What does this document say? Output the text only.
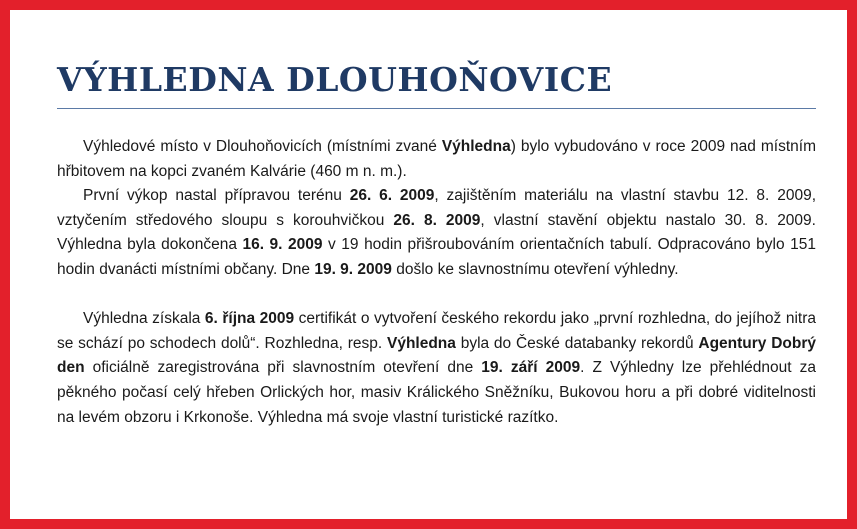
VÝHLEDNA DLOUHOŇOVICE

Výhledové místo v Dlouhoňovicích (místními zvané Výhledna) bylo vybudováno v roce 2009 nad místním hřbitovem na kopci zvaném Kalvárie (460 m n. m.).

První výkop nastal přípravou terénu 26. 6. 2009, zajištěním materiálu na vlastní stavbu 12. 8. 2009, vztyčením středového sloupu s korouhvičkou 26. 8. 2009, vlastní stavění objektu nastalo 30. 8. 2009. Výhledna byla dokončena 16. 9. 2009 v 19 hodin přišroubováním orientačních tabulí. Odpracováno bylo 151 hodin dvanácti místními občany. Dne 19. 9. 2009 došlo ke slavnostnímu otevření výhledny.

Výhledna získala 6. října 2009 certifikát o vytvoření českého rekordu jako „první rozhledna, do jejíhož nitra se schází po schodech dolů“. Rozhledna, resp. Výhledna byla do České databanky rekordů Agentury Dobrý den oficiálně zaregistrována při slavnostním otevření dne 19. září 2009. Z Výhledny lze přehlédnout za pěkného počasí celý hřeben Orlických hor, masiv Králického Sněžníku, Bukovou horu a při dobré viditelnosti na levém obzoru i Krkonoše. Výhledna má svoje vlastní turistické razítko.
